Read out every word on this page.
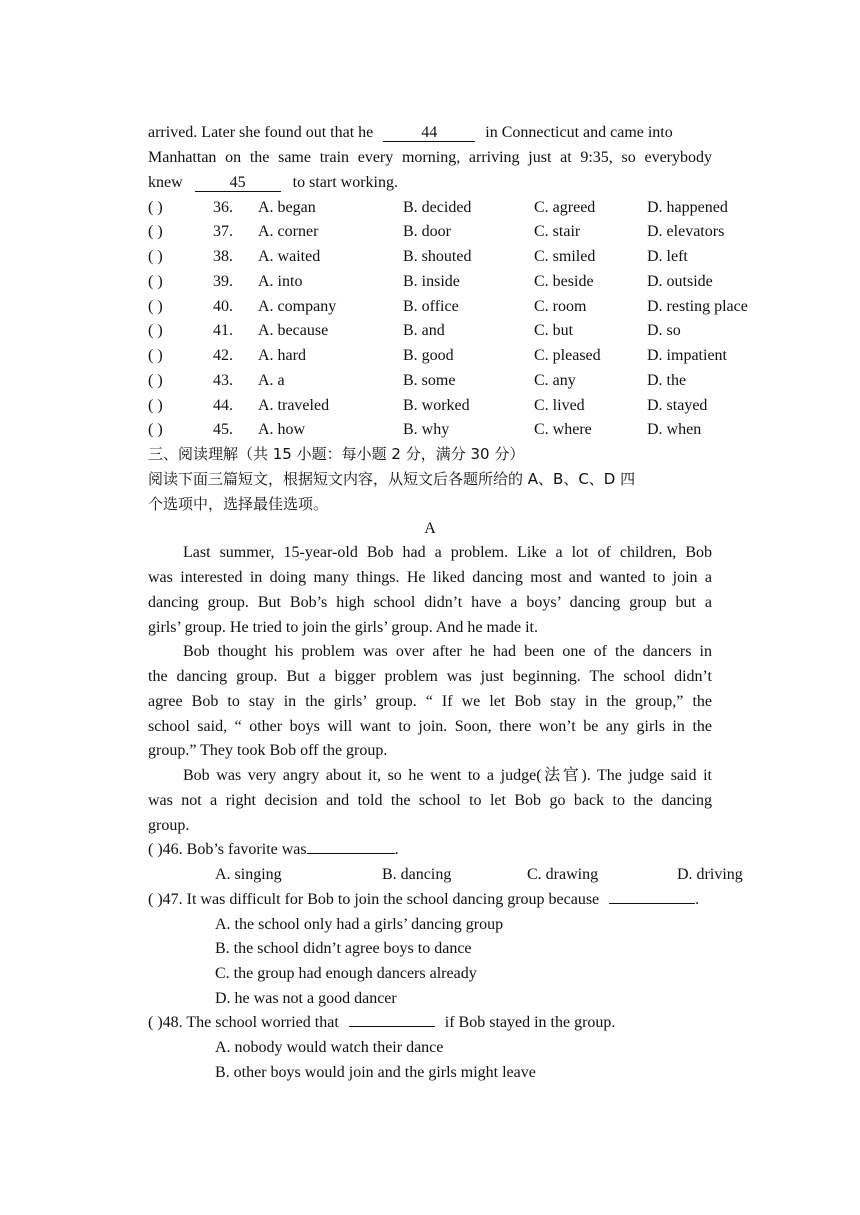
arrived. Later she found out that he	44	in Connecticut and came into
Manhattan on the same train every morning, arriving just at 9:35, so everybody
knew	45	to start working.
( )	36. A. began	B. decided	C. agreed	D. happened
( )	37. A. corner	B. door	C. stair	D. elevators
( )	38. A. waited	B. shouted	C. smiled	D. left
( )	39. A. into	B. inside	C. beside	D. outside
( )	40. A. company	B. office	C. room	D. resting place
( )	41. A. because	B. and	C. but	D. so
( )	42. A. hard	B. good	C. pleased	D. impatient
( )	43. A. a	B. some	C. any	D. the
( )	44. A. traveled	B. worked	C. lived	D. stayed
( )	45. A. how	B. why	C. where	D. when
三、阅读理解（共 15 小题：每小题 2 分，满分 30 分）
阅读下面三篇短文，根据短文内容，从短文后各题所给的 A、B、C、D 四
个选项中，选择最佳选项。
A
Last summer, 15-year-old Bob had a problem. Like a lot of children, Bob
was interested in doing many things. He liked dancing most and wanted to join a
dancing group. But Bob’s high school didn’t have a boys’ dancing group but a
girls’ group. He tried to join the girls’ group. And he made it.
Bob thought his problem was over after he had been one of the dancers in
the dancing group. But a bigger problem was just beginning. The school didn’t
agree Bob to stay in the girls’ group. “ If we let Bob stay in the group,” the
school said, “ other boys will want to join. Soon, there won’t be any girls in the
group.” They took Bob off the group.
Bob was very angry about it, so he went to a judge(法官). The judge said it
was not a right decision and told the school to let Bob go back to the dancing
group.
( )46. Bob’s favorite was	.
A. singing	B. dancing	C. drawing	D. driving
( )47. It was difficult for Bob to join the school dancing group because	.
A. the school only had a girls’ dancing group
B. the school didn’t agree boys to dance
C. the group had enough dancers already
D. he was not a good dancer
( )48. The school worried that	if Bob stayed in the group.
A. nobody would watch their dance
B. other boys would join and the girls might leave
